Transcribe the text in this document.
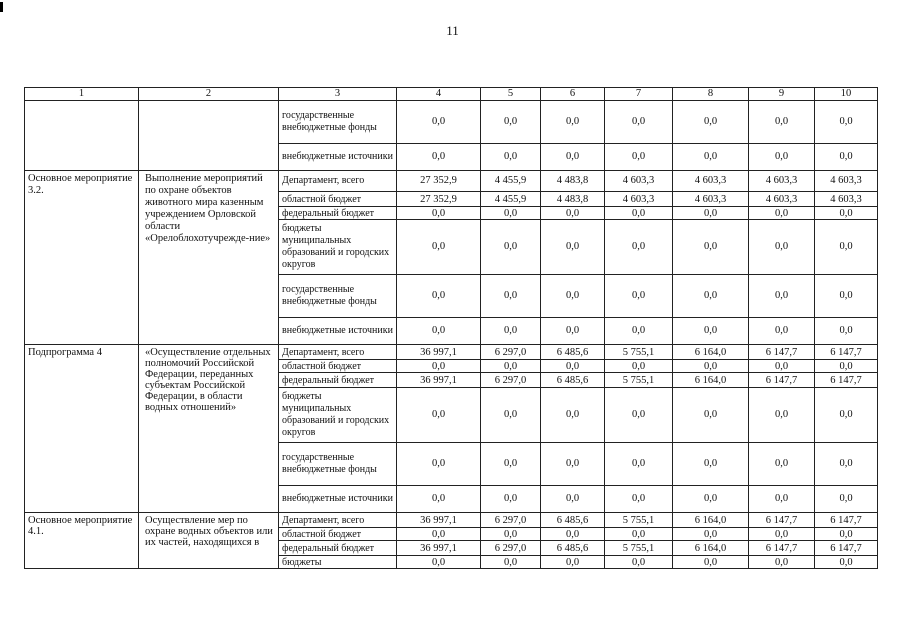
11
1	2	3	4	5	6	7	8	9	10
		государственные внебюджетные фонды	0,0	0,0	0,0	0,0	0,0	0,0	0,0
		внебюджетные источники	0,0	0,0	0,0	0,0	0,0	0,0	0,0
Основное мероприятие 3.2.	Выполнение мероприятий по охране объектов животного мира казенным учреждением Орловской области «Орелоблохотучрежде-ние»	Департамент, всего	27 352,9	4 455,9	4 483,8	4 603,3	4 603,3	4 603,3	4 603,3
		областной бюджет	27 352,9	4 455,9	4 483,8	4 603,3	4 603,3	4 603,3	4 603,3
		федеральный бюджет	0,0	0,0	0,0	0,0	0,0	0,0	0,0
		бюджеты муниципальных образований и городских округов	0,0	0,0	0,0	0,0	0,0	0,0	0,0
		государственные внебюджетные фонды	0,0	0,0	0,0	0,0	0,0	0,0	0,0
		внебюджетные источники	0,0	0,0	0,0	0,0	0,0	0,0	0,0
Подпрограмма 4	«Осуществление отдельных полномочий Российской Федерации, переданных субъектам Российской Федерации, в области водных отношений»	Департамент, всего	36 997,1	6 297,0	6 485,6	5 755,1	6 164,0	6 147,7	6 147,7
		областной бюджет	0,0	0,0	0,0	0,0	0,0	0,0	0,0
		федеральный бюджет	36 997,1	6 297,0	6 485,6	5 755,1	6 164,0	6 147,7	6 147,7
		бюджеты муниципальных образований и городских округов	0,0	0,0	0,0	0,0	0,0	0,0	0,0
		государственные внебюджетные фонды	0,0	0,0	0,0	0,0	0,0	0,0	0,0
		внебюджетные источники	0,0	0,0	0,0	0,0	0,0	0,0	0,0
Основное мероприятие 4.1.	Осуществление мер по охране водных объектов или их частей, находящихся в	Департамент, всего	36 997,1	6 297,0	6 485,6	5 755,1	6 164,0	6 147,7	6 147,7
		областной бюджет	0,0	0,0	0,0	0,0	0,0	0,0	0,0
		федеральный бюджет	36 997,1	6 297,0	6 485,6	5 755,1	6 164,0	6 147,7	6 147,7
		бюджеты	0,0	0,0	0,0	0,0	0,0	0,0	0,0
